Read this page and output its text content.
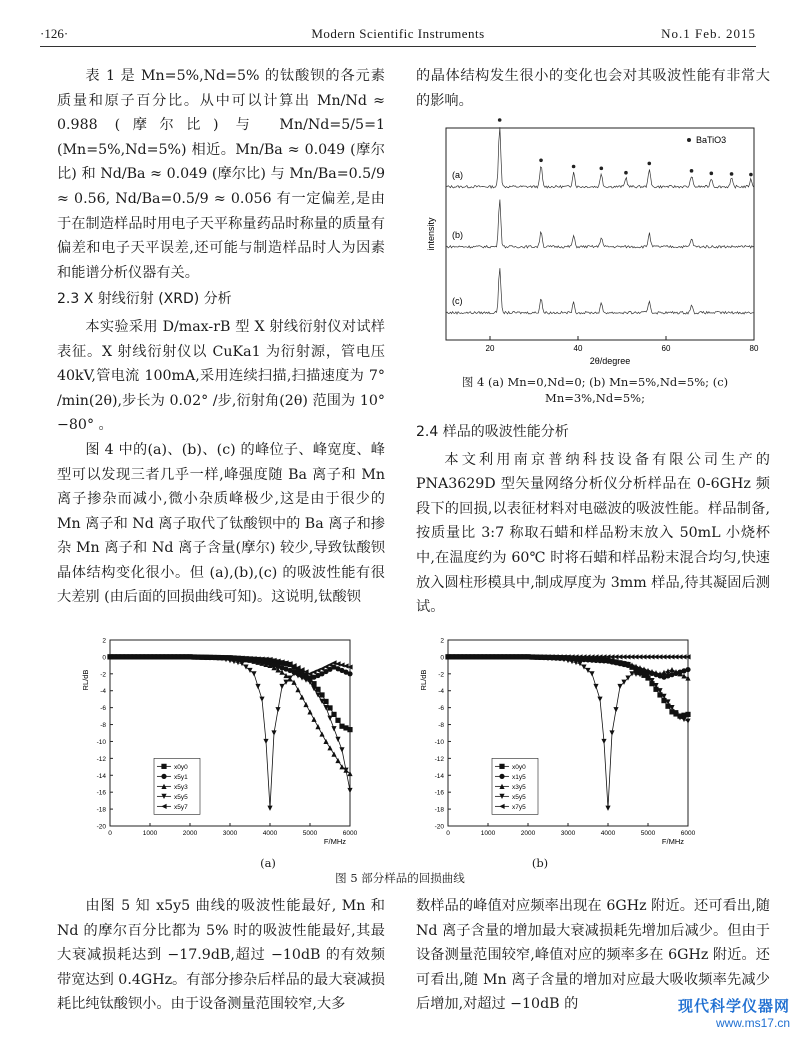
·126·	Modern Scientific Instruments	No.1 Feb. 2015

表 1 是 Mn=5%,Nd=5% 的钛酸钡的各元素质量和原子百分比。从中可以计算出 Mn/Nd ≈ 0.988 (摩尔比) 与 Mn/Nd=5/5=1 (Mn=5%,Nd=5%) 相近。Mn/Ba ≈ 0.049 (摩尔比) 和 Nd/Ba ≈ 0.049 (摩尔比) 与 Mn/Ba=0.5/9 ≈ 0.56, Nd/Ba=0.5/9 ≈ 0.056 有一定偏差,是由于在制造样品时用电子天平称量药品时称量的质量有偏差和电子天平误差,还可能与制造样品时人为因素和能谱分析仪器有关。

2.3 X 射线衍射 (XRD) 分析

本实验采用 D/max-rB 型 X 射线衍射仪对试样表征。X 射线衍射仪以 CuKa1 为衍射源，管电压 40kV,管电流 100mA,采用连续扫描,扫描速度为 7° /min(2θ),步长为 0.02° /步,衍射角(2θ) 范围为 10° −80° 。

图 4 中的(a)、(b)、(c) 的峰位子、峰宽度、峰型可以发现三者几乎一样,峰强度随 Ba 离子和 Mn 离子掺杂而减小,微小杂质峰极少,这是由于很少的 Mn 离子和 Nd 离子取代了钛酸钡中的 Ba 离子和掺杂 Mn 离子和 Nd 离子含量(摩尔) 较少,导致钛酸钡晶体结构变化很小。但 (a),(b),(c) 的吸波性能有很大差别 (由后面的回损曲线可知)。这说明,钛酸钡

的晶体结构发生很小的变化也会对其吸波性能有非常大的影响。

20	40	60	80
2θ/degree
intensity
BaTiO3
(a)
(b)
(c)
图 4 (a) Mn=0,Nd=0; (b) Mn=5%,Nd=5%; (c) Mn=3%,Nd=5%;

2.4 样品的吸波性能分析

本文利用南京普纳科技设备有限公司生产的 PNA3629D 型矢量网络分析仪分析样品在 0-6GHz 频段下的回损,以表征材料对电磁波的吸波性能。样品制备,按质量比 3:7 称取石蜡和样品粉末放入 50mL 小烧杯中,在温度约为 60℃ 时将石蜡和样品粉末混合均匀,快速放入圆柱形模具中,制成厚度为 3mm 样品,待其凝固后测试。

0	1000	2000	3000	4000	5000	6000
2
0
-2
-4
-6
-8
-10
-12
-14
-16
-18
-20
F/MHz
RL/dB
x0y0
x5y1
x5y3
x5y5
x5y7
0	1000	2000	3000	4000	5000	6000
2
0
-2
-4
-6
-8
-10
-12
-14
-16
-18
-20
F/MHz
RL/dB
x0y0
x1y5
x3y5
x5y5
x7y5
(a)	(b)
图 5 部分样品的回损曲线

由图 5 知 x5y5 曲线的吸波性能最好, Mn 和 Nd 的摩尔百分比都为 5% 时的吸波性能最好,其最大衰减损耗达到 −17.9dB,超过 −10dB 的有效频带宽达到 0.4GHz。有部分掺杂后样品的最大衰减损耗比纯钛酸钡小。由于设备测量范围较窄,大多

数样品的峰值对应频率出现在 6GHz 附近。还可看出,随 Nd 离子含量的增加最大衰减损耗先增加后减少。但由于设备测量范围较窄,峰值对应的频率多在 6GHz 附近。还可看出,随 Mn 离子含量的增加对应最大吸收频率先减少后增加,对超过 −10dB 的	现代科学仪器网
www.ms17.cn
